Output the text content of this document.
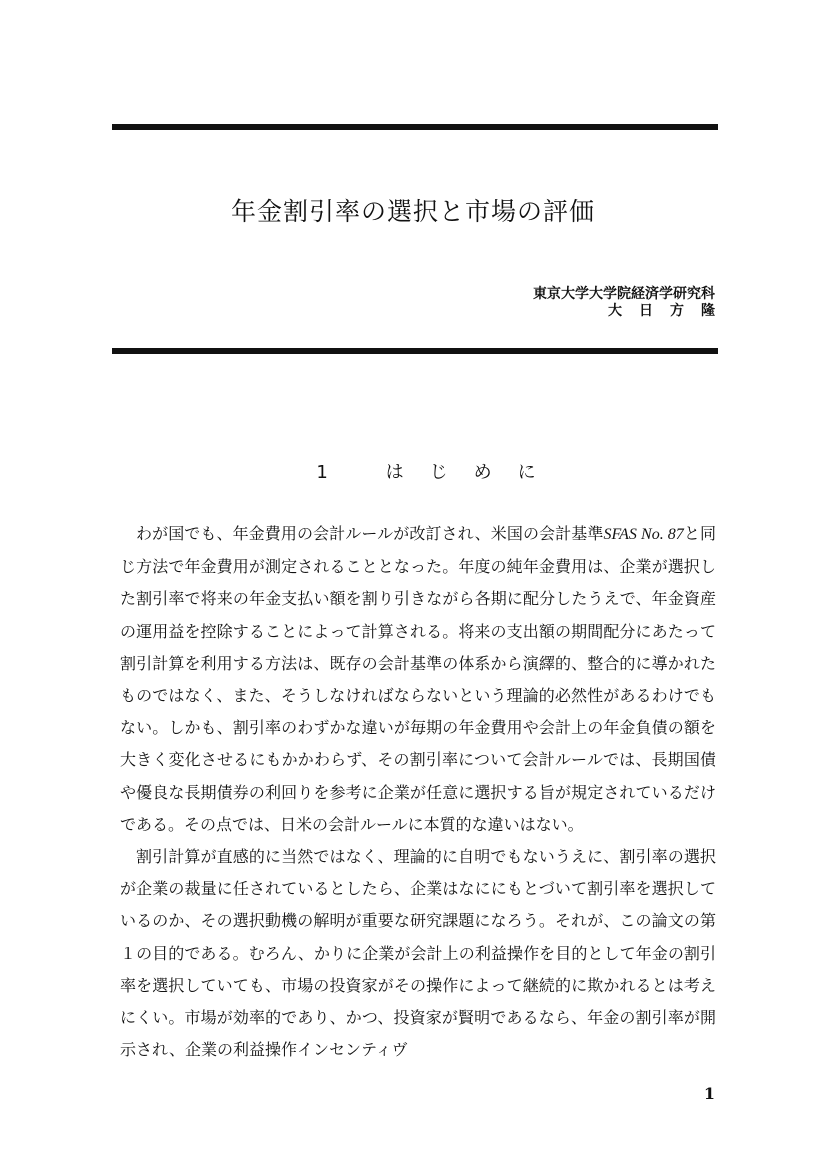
年金割引率の選択と市場の評価
東京大学大学院経済学研究科
大日方隆
1 はじめに

わが国でも、年金費用の会計ルールが改訂され、米国の会計基準SFAS No. 87と同じ方法で年金費用が測定されることとなった。年度の純年金費用は、企業が選択した割引率で将来の年金支払い額を割り引きながら各期に配分したうえで、年金資産の運用益を控除することによって計算される。将来の支出額の期間配分にあたって割引計算を利用する方法は、既存の会計基準の体系から演繹的、整合的に導かれたものではなく、また、そうしなければならないという理論的必然性があるわけでもない。しかも、割引率のわずかな違いが毎期の年金費用や会計上の年金負債の額を大きく変化させるにもかかわらず、その割引率について会計ルールでは、長期国債や優良な長期債券の利回りを参考に企業が任意に選択する旨が規定されているだけである。その点では、日米の会計ルールに本質的な違いはない。

割引計算が直感的に当然ではなく、理論的に自明でもないうえに、割引率の選択が企業の裁量に任されているとしたら、企業はなににもとづいて割引率を選択しているのか、その選択動機の解明が重要な研究課題になろう。それが、この論文の第１の目的である。むろん、かりに企業が会計上の利益操作を目的として年金の割引率を選択していても、市場の投資家がその操作によって継続的に欺かれるとは考えにくい。市場が効率的であり、かつ、投資家が賢明であるなら、年金の割引率が開示され、企業の利益操作インセンティヴ

1
